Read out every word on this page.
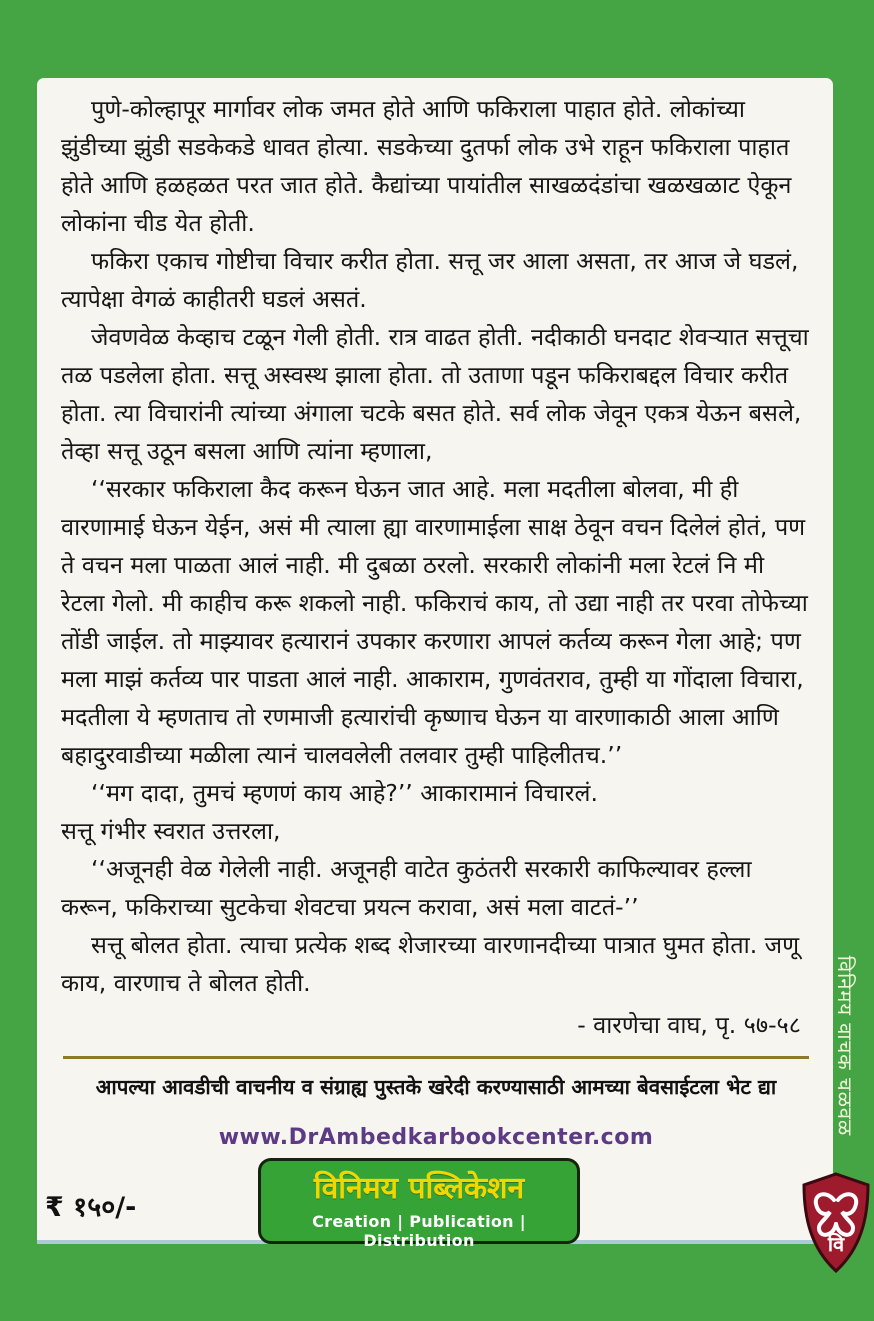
पुणे-कोल्हापूर मार्गावर लोक जमत होते आणि फकिराला पाहात होते. लोकांच्या झुंडीच्या झुंडी सडकेकडे धावत होत्या. सडकेच्या दुतर्फा लोक उभे राहून फकिराला पाहात होते आणि हळहळत परत जात होते. कैद्यांच्या पायांतील साखळदंडांचा खळखळाट ऐकून लोकांना चीड येत होती.

फकिरा एकाच गोष्टीचा विचार करीत होता. सत्तू जर आला असता, तर आज जे घडलं, त्यापेक्षा वेगळं काहीतरी घडलं असतं.

जेवणवेळ केव्हाच टळून गेली होती. रात्र वाढत होती. नदीकाठी घनदाट शेवऱ्यात सत्तूचा तळ पडलेला होता. सत्तू अस्वस्थ झाला होता. तो उताणा पडून फकिराबद्दल विचार करीत होता. त्या विचारांनी त्यांच्या अंगाला चटके बसत होते. सर्व लोक जेवून एकत्र येऊन बसले, तेव्हा सत्तू उठून बसला आणि त्यांना म्हणाला,

‘‘सरकार फकिराला कैद करून घेऊन जात आहे. मला मदतीला बोलवा, मी ही वारणामाई घेऊन येईन, असं मी त्याला ह्या वारणामाईला साक्ष ठेवून वचन दिलेलं होतं, पण ते वचन मला पाळता आलं नाही. मी दुबळा ठरलो. सरकारी लोकांनी मला रेटलं नि मी रेटला गेलो. मी काहीच करू शकलो नाही. फकिराचं काय, तो उद्या नाही तर परवा तोफेच्या तोंडी जाईल. तो माझ्यावर हत्यारानं उपकार करणारा आपलं कर्तव्य करून गेला आहे; पण मला माझं कर्तव्य पार पाडता आलं नाही. आकाराम, गुणवंतराव, तुम्ही या गोंदाला विचारा, मदतीला ये म्हणताच तो रणमाजी हत्यारांची कृष्णाच घेऊन या वारणाकाठी आला आणि बहादुरवाडीच्या मळीला त्यानं चालवलेली तलवार तुम्ही पाहिलीतच.’’

‘‘मग दादा, तुमचं म्हणणं काय आहे?’’ आकारामानं विचारलं.

सत्तू गंभीर स्वरात उत्तरला,

‘‘अजूनही वेळ गेलेली नाही. अजूनही वाटेत कुठंतरी सरकारी काफिल्यावर हल्ला करून, फकिराच्या सुटकेचा शेवटचा प्रयत्न करावा, असं मला वाटतं-’’

सत्तू बोलत होता. त्याचा प्रत्येक शब्द शेजारच्या वारणानदीच्या पात्रात घुमत होता. जणू काय, वारणाच ते बोलत होती.

- वारणेचा वाघ, पृ. ५७-५८
आपल्या आवडीची वाचनीय व संग्राह्य पुस्तके खरेदी करण्यासाठी आमच्या बेवसाईटला भेट द्या
www.DrAmbedkarbookcenter.com
विनिमय पब्लिकेशन
Creation | Publication | Distribution
₹ १५०/-
विनिमय वाचक चळवळ
वि
